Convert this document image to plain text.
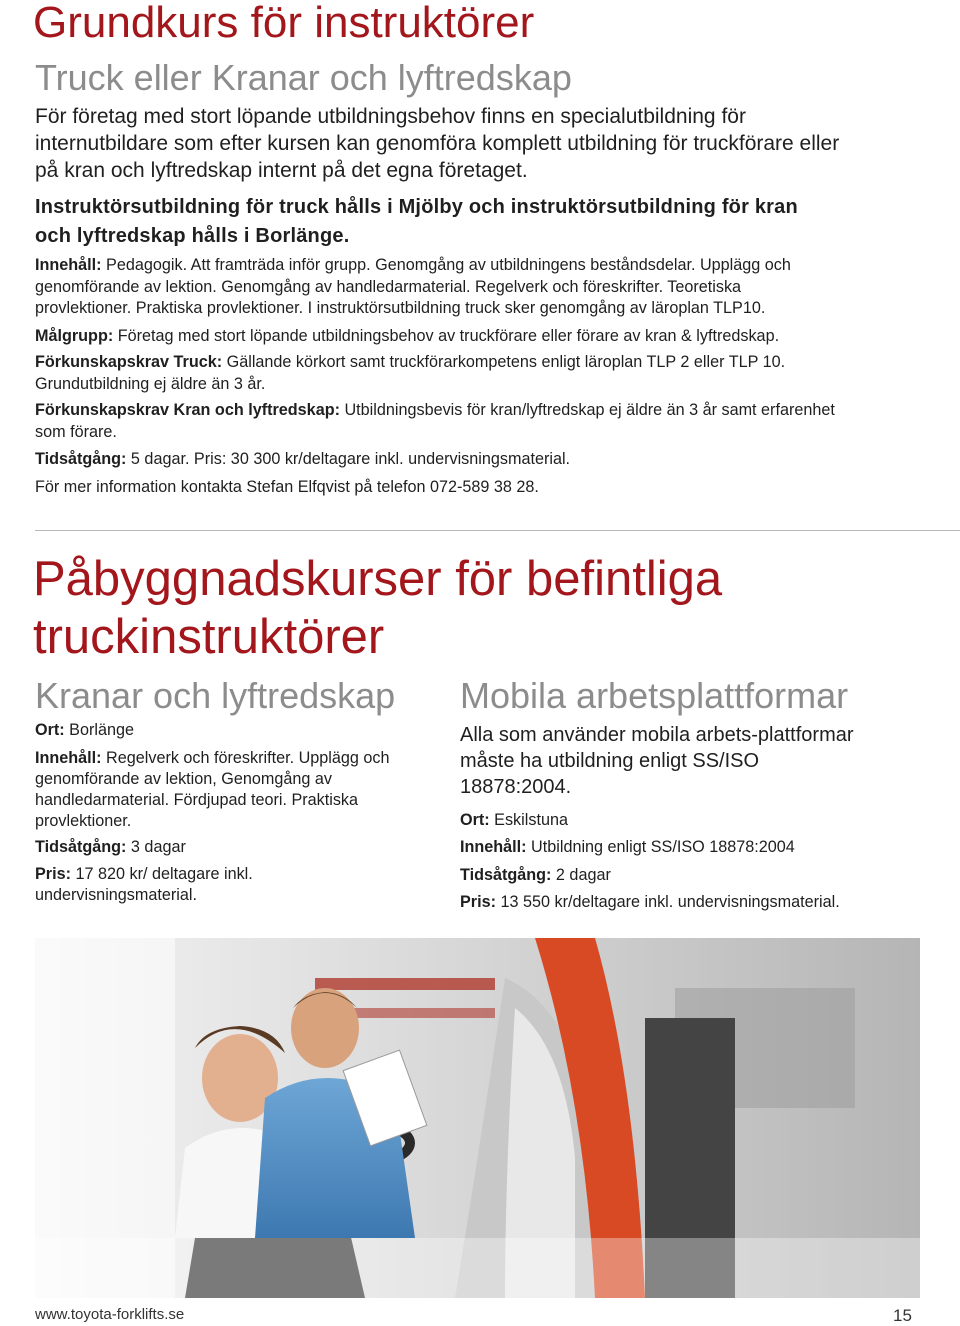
Grundkurs för instruktörer
Truck eller Kranar och lyftredskap
För företag med stort löpande utbildningsbehov finns en specialutbildning för internutbildare som efter kursen kan genomföra komplett utbildning för truckförare eller på kran och lyftredskap internt på det egna företaget.
Instruktörsutbildning för truck hålls i Mjölby och instruktörsutbildning för kran och lyftredskap hålls i Borlänge.
Innehåll: Pedagogik. Att framträda inför grupp. Genomgång av utbildningens beståndsdelar. Upplägg och genomförande av lektion. Genomgång av handledarmaterial. Regelverk och föreskrifter. Teoretiska provlektioner. Praktiska provlektioner. I instruktörsutbildning truck sker genomgång av läroplan TLP10.
Målgrupp: Företag med stort löpande utbildningsbehov av truckförare eller förare av kran & lyftredskap.
Förkunskapskrav Truck: Gällande körkort samt truckförarkompetens enligt läroplan TLP 2 eller TLP 10. Grundutbildning ej äldre än 3 år.
Förkunskapskrav Kran och lyftredskap: Utbildningsbevis för kran/lyftredskap ej äldre än 3 år samt erfarenhet som förare.
Tidsåtgång: 5 dagar. Pris: 30 300 kr/deltagare inkl. undervisningsmaterial.
För mer information kontakta Stefan Elfqvist på telefon 072-589 38 28.
Påbyggnadskurser för befintliga
truckinstruktörer
Kranar och lyftredskap
Ort: Borlänge
Innehåll: Regelverk och föreskrifter. Upplägg och genomförande av lektion, Genomgång av handledarmaterial. Fördjupad teori. Praktiska provlektioner.
Tidsåtgång: 3 dagar
Pris: 17 820 kr/ deltagare inkl. undervisningsmaterial.
Mobila arbetsplattformar
Alla som använder mobila arbets-plattformar måste ha utbildning enligt SS/ISO 18878:2004.
Ort: Eskilstuna
Innehåll: Utbildning enligt SS/ISO 18878:2004
Tidsåtgång: 2 dagar
Pris: 13 550 kr/deltagare inkl. undervisningsmaterial.
www.toyota-forklifts.se	15
